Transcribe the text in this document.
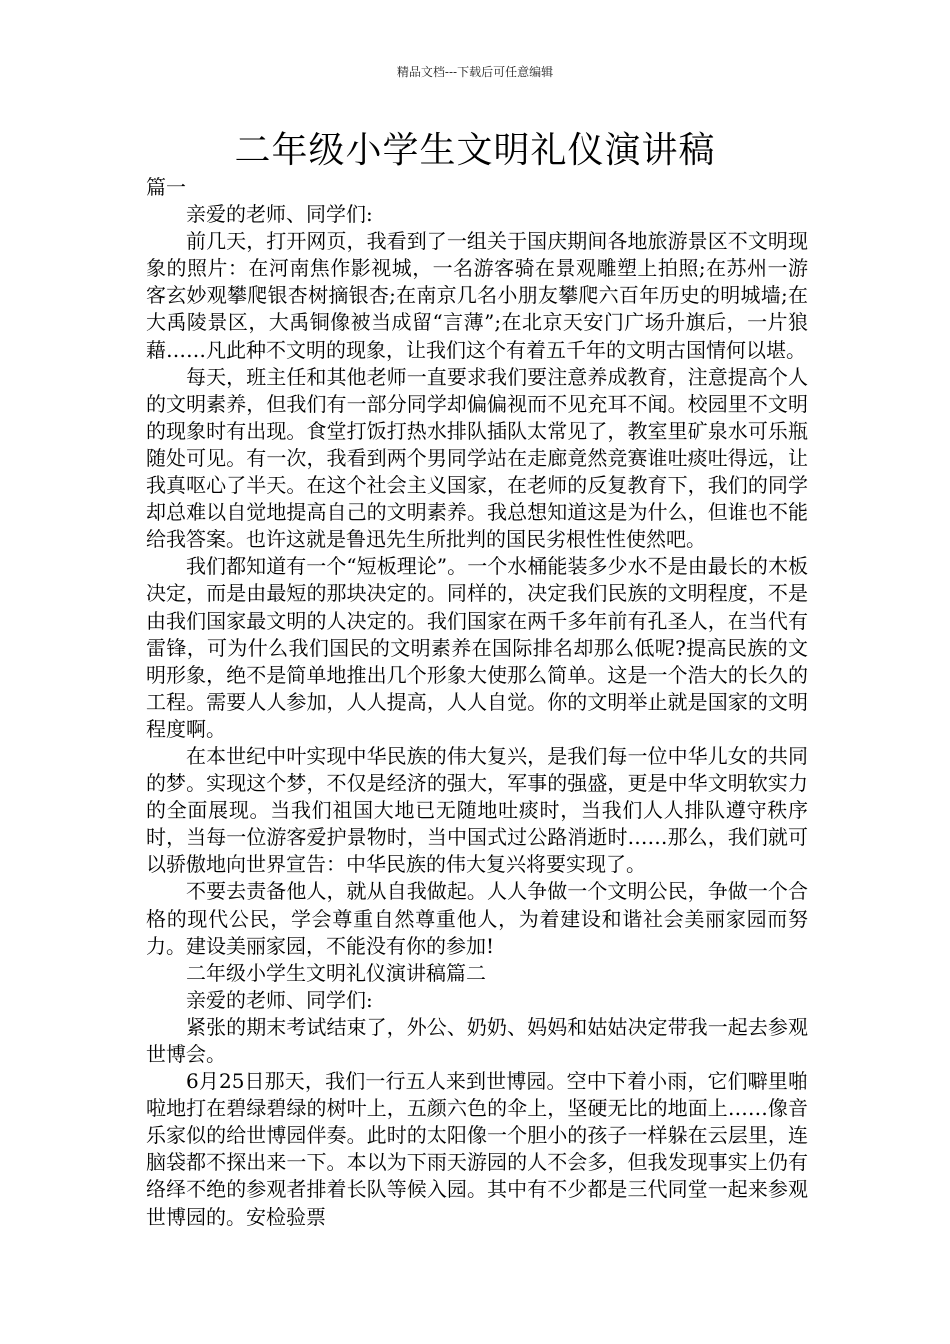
精品文档---下载后可任意编辑
二年级小学生文明礼仪演讲稿

篇一

亲爱的老师、同学们:

前几天，打开网页，我看到了一组关于国庆期间各地旅游景区不文明现象的照片：在河南焦作影视城，一名游客骑在景观雕塑上拍照;在苏州一游客玄妙观攀爬银杏树摘银杏;在南京几名小朋友攀爬六百年历史的明城墙;在大禹陵景区，大禹铜像被当成留“言薄”;在北京天安门广场升旗后，一片狼藉……凡此种不文明的现象，让我们这个有着五千年的文明古国情何以堪。

每天，班主任和其他老师一直要求我们要注意养成教育，注意提高个人的文明素养，但我们有一部分同学却偏偏视而不见充耳不闻。校园里不文明的现象时有出现。食堂打饭打热水排队插队太常见了，教室里矿泉水可乐瓶随处可见。有一次，我看到两个男同学站在走廊竟然竞赛谁吐痰吐得远，让我真呕心了半天。在这个社会主义国家，在老师的反复教育下，我们的同学却总难以自觉地提高自己的文明素养。我总想知道这是为什么，但谁也不能给我答案。也许这就是鲁迅先生所批判的国民劣根性性使然吧。

我们都知道有一个“短板理论”。一个水桶能装多少水不是由最长的木板决定，而是由最短的那块决定的。同样的，决定我们民族的文明程度，不是由我们国家最文明的人决定的。我们国家在两千多年前有孔圣人，在当代有雷锋，可为什么我们国民的文明素养在国际排名却那么低呢?提高民族的文明形象，绝不是简单地推出几个形象大使那么简单。这是一个浩大的长久的工程。需要人人参加，人人提高，人人自觉。你的文明举止就是国家的文明程度啊。

在本世纪中叶实现中华民族的伟大复兴，是我们每一位中华儿女的共同的梦。实现这个梦，不仅是经济的强大，军事的强盛，更是中华文明软实力的全面展现。当我们祖国大地已无随地吐痰时，当我们人人排队遵守秩序时，当每一位游客爱护景物时，当中国式过公路消逝时……那么，我们就可以骄傲地向世界宣告：中华民族的伟大复兴将要实现了。

不要去责备他人，就从自我做起。人人争做一个文明公民，争做一个合格的现代公民，学会尊重自然尊重他人，为着建设和谐社会美丽家园而努力。建设美丽家园，不能没有你的参加!

二年级小学生文明礼仪演讲稿篇二

亲爱的老师、同学们:

紧张的期末考试结束了，外公、奶奶、妈妈和姑姑决定带我一起去参观世博会。

6月25日那天，我们一行五人来到世博园。空中下着小雨，它们噼里啪啦地打在碧绿碧绿的树叶上，五颜六色的伞上，坚硬无比的地面上……像音乐家似的给世博园伴奏。此时的太阳像一个胆小的孩子一样躲在云层里，连脑袋都不探出来一下。本以为下雨天游园的人不会多，但我发现事实上仍有络绎不绝的参观者排着长队等候入园。其中有不少都是三代同堂一起来参观世博园的。安检验票
